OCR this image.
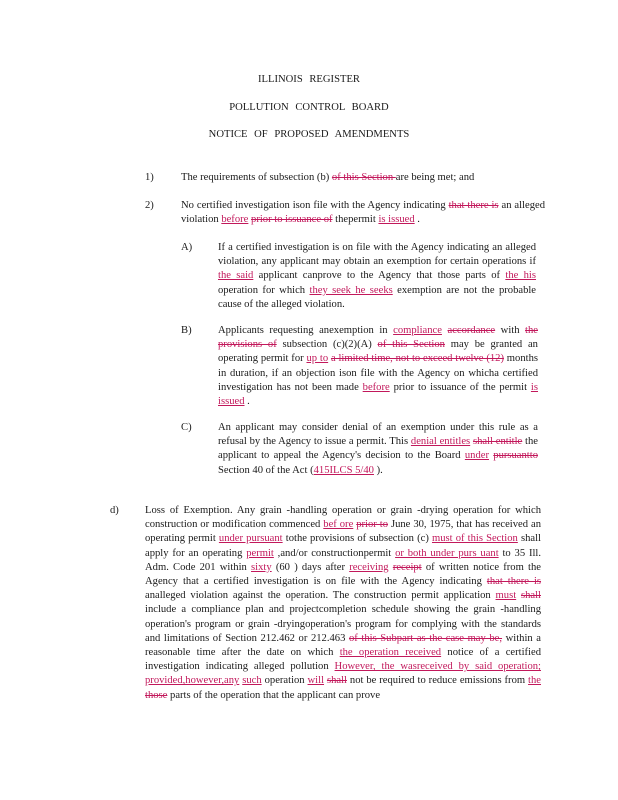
ILLINOIS REGISTER
POLLUTION CONTROL BOARD
NOTICE OF PROPOSED AMENDMENTS
1)	The requirements of subsection (b) of this Section are being met; and
2)	No certified investigation ison file with the Agency indicating that there is an alleged violation before prior to issuance of thepermit is issued .
A) If a certified investigation is on file with the Agency indicating an alleged violation, any applicant may obtain an exemption for certain operations if the said applicant canprove to the Agency that those parts of the his operation for which they seek he seeks exemption are not the probable cause of the alleged violation.
B) Applicants requesting anexemption in compliance accordance with the provisions of subsection (c)(2)(A) of this Section may be granted an operating permit for up to a limited time, not to exceed twelve (12) months in duration, if an objection ison file with the Agency on whicha certified investigation has not been made before prior to issuance of the permit is issued .
C) An applicant may consider denial of an exemption under this rule as a refusal by the Agency to issue a permit. This denial entitles shall entitle the applicant to appeal the Agency's decision to the Board under pursuantto Section 40 of the Act (415ILCS 5/40 ).
d) Loss of Exemption. Any grain -handling operation or grain -drying operation for which construction or modification commenced bef ore prior to June 30, 1975, that has received an operating permit under pursuant tothe provisions of subsection (c) must of this Section shall apply for an operating permit ,and/or constructionpermit or both under purs uant to 35 Ill. Adm. Code 201 within sixty (60 ) days after receiving receipt of written notice from the Agency that a certified investigation is on file with the Agency indicating that there is analleged violation against the operation. The construction permit application must shall include a compliance plan and projectcompletion schedule showing the grain -handling operation's program or grain -dryingoperation's program for complying with the standards and limitations of Section 212.462 or 212.463 of this Subpart as the case may be, within a reasonable time after the date on which the operation received notice of a certified investigation indicating alleged pollution However, the wasreceived by said operation; provided,however,any such operation will shall not be required to reduce emissions from the those parts of the operation that the applicant can prove
